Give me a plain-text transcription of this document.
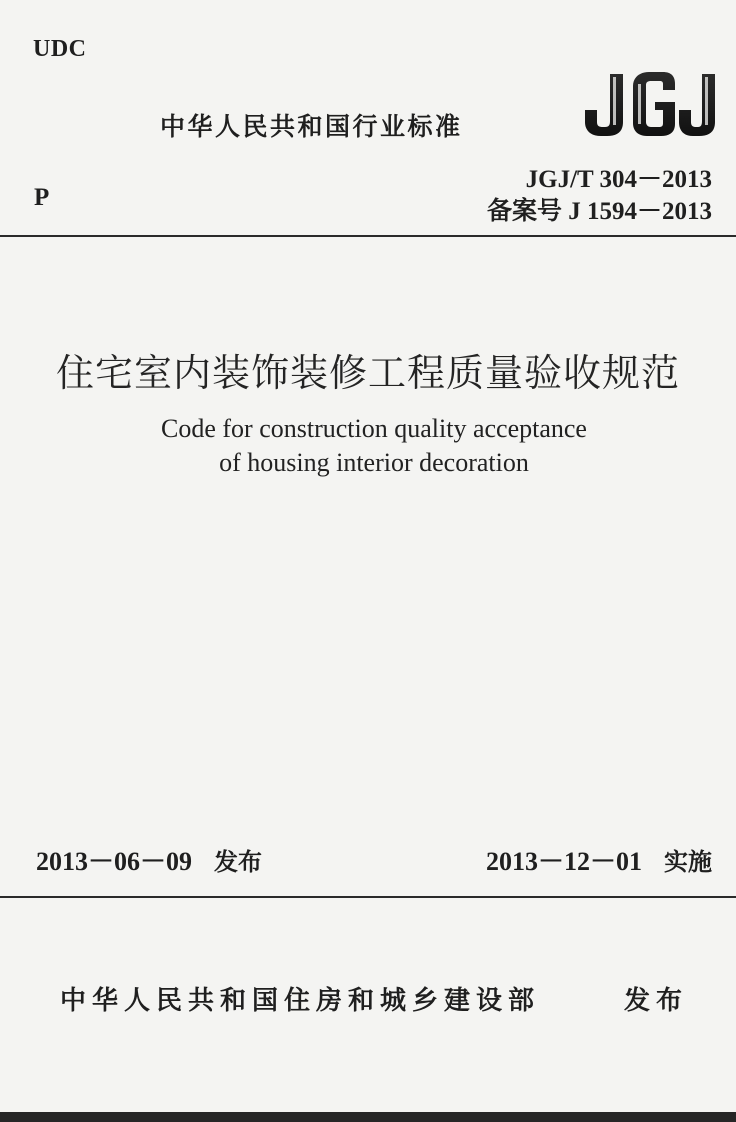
UDC
中华人民共和国行业标准
JGJ/T 304－2013
P
备案号 J 1594－2013
住宅室内装饰装修工程质量验收规范
Code for construction quality acceptance
of housing interior decoration
2013－06－09 发布	2013－12－01 实施
中华人民共和国住房和城乡建设部	发布
